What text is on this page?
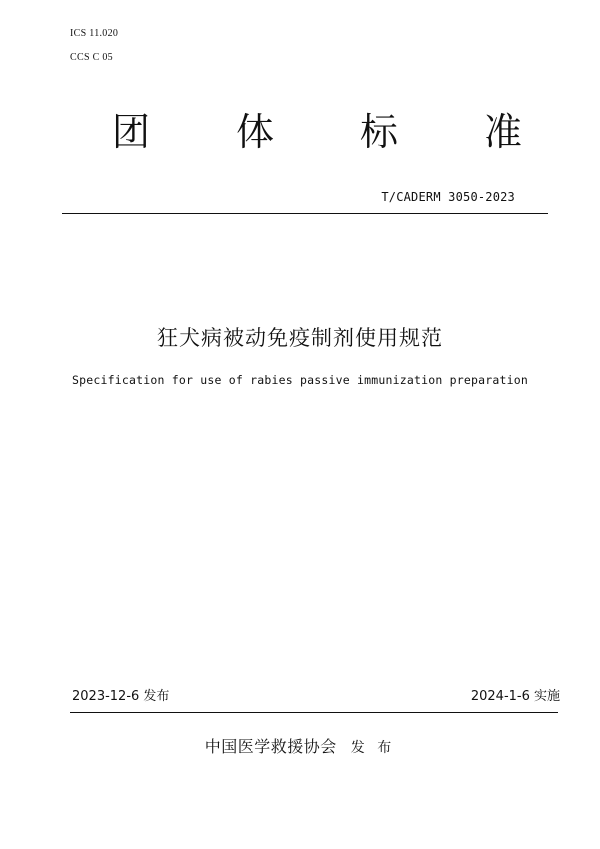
ICS 11.020
CCS C 05
团 体 标 准
T/CADERM 3050-2023
狂犬病被动免疫制剂使用规范
Specification for use of rabies passive immunization preparation
2023-12-6 发布	2024-1-6 实施
中国医学救援协会 发 布
